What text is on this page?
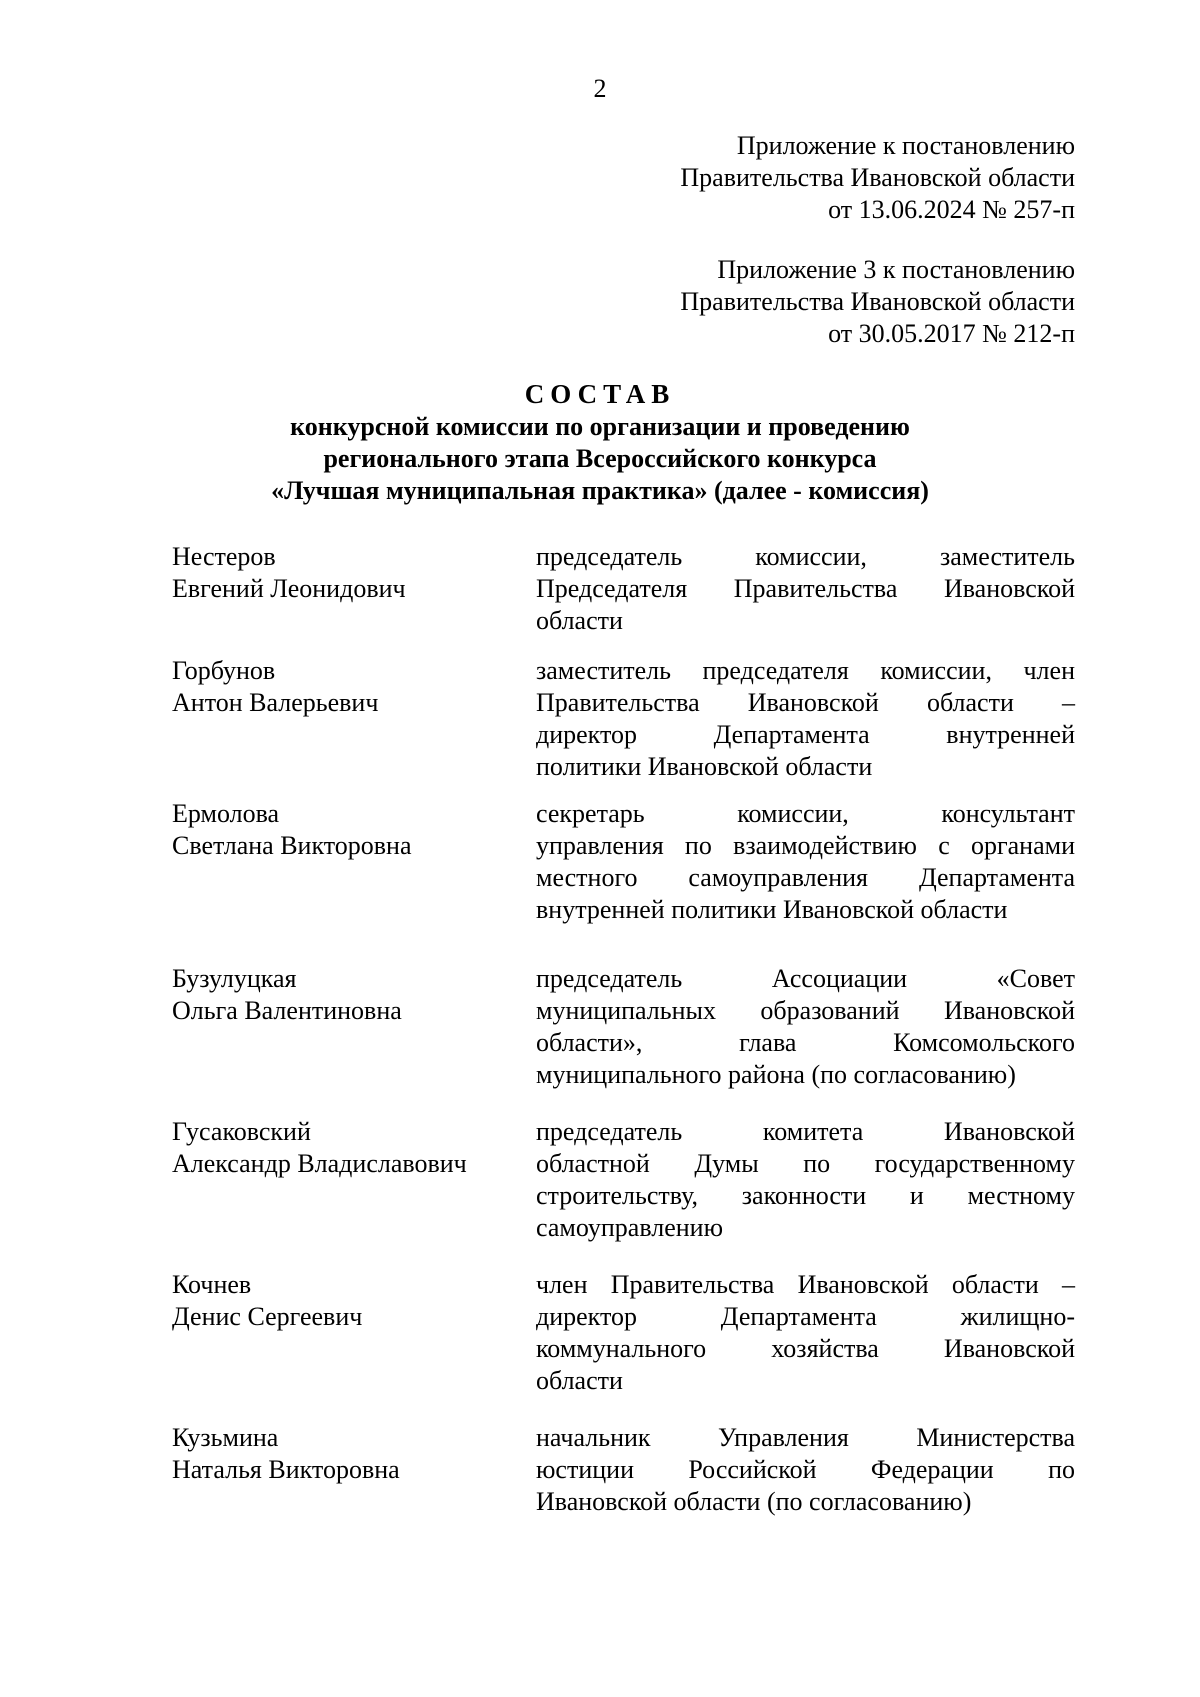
2
Приложение к постановлению
Правительства Ивановской области
от 13.06.2024 № 257-п
Приложение 3 к постановлению
Правительства Ивановской области
от 30.05.2017 № 212-п
СОСТАВ
конкурсной комиссии по организации и проведению
регионального этапа Всероссийского конкурса
«Лучшая муниципальная практика» (далее - комиссия)
Нестеров
Евгений Леонидович
председатель комиссии, заместитель
Председателя Правительства Ивановской
области
Горбунов
Антон Валерьевич
заместитель председателя комиссии, член
Правительства Ивановской области –
директор Департамента внутренней
политики Ивановской области
Ермолова
Светлана Викторовна
секретарь комиссии, консультант
управления по взаимодействию с органами
местного самоуправления Департамента
внутренней политики Ивановской области
Бузулуцкая
Ольга Валентиновна
председатель Ассоциации «Совет
муниципальных образований Ивановской
области», глава Комсомольского
муниципального района (по согласованию)
Гусаковский
Александр Владиславович
председатель комитета Ивановской
областной Думы по государственному
строительству, законности и местному
самоуправлению
Кочнев
Денис Сергеевич
член Правительства Ивановской области –
директор Департамента жилищно-
коммунального хозяйства Ивановской
области
Кузьмина
Наталья Викторовна
начальник Управления Министерства
юстиции Российской Федерации по
Ивановской области (по согласованию)
